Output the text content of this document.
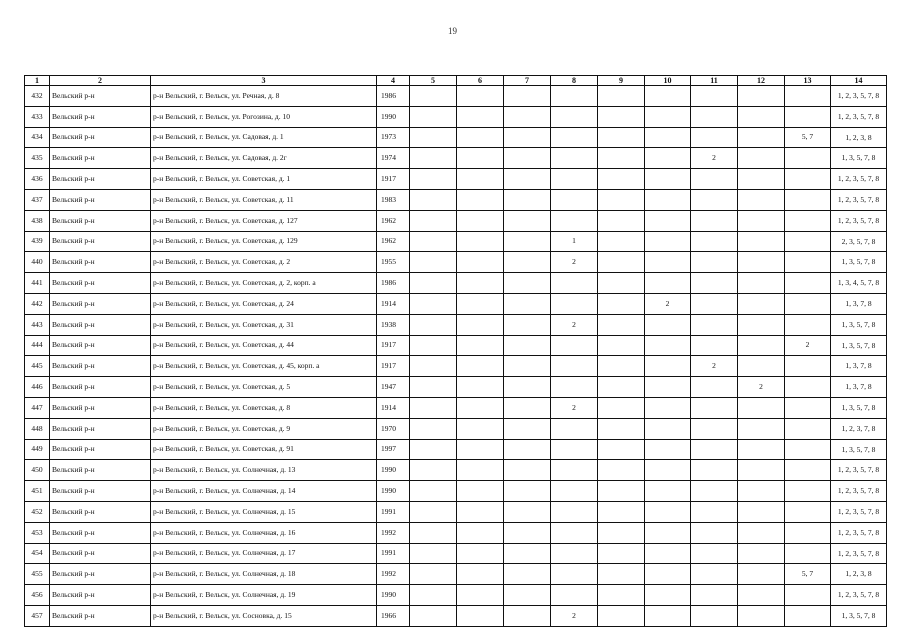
19
1	2	3	4	5	6	7	8	9	10	11	12	13	14
432	Вельский р-н	р-н Вельский, г. Вельск, ул. Речная, д. 8	1986										1, 2, 3, 5, 7, 8
433	Вельский р-н	р-н Вельский, г. Вельск, ул. Рогозина, д. 10	1990										1, 2, 3, 5, 7, 8
434	Вельский р-н	р-н Вельский, г. Вельск, ул. Садовая, д. 1	1973									5, 7	1, 2, 3, 8
435	Вельский р-н	р-н Вельский, г. Вельск, ул. Садовая, д. 2г	1974							2			1, 3, 5, 7, 8
436	Вельский р-н	р-н Вельский, г. Вельск, ул. Советская, д. 1	1917										1, 2, 3, 5, 7, 8
437	Вельский р-н	р-н Вельский, г. Вельск, ул. Советская, д. 11	1983										1, 2, 3, 5, 7, 8
438	Вельский р-н	р-н Вельский, г. Вельск, ул. Советская, д. 127	1962										1, 2, 3, 5, 7, 8
439	Вельский р-н	р-н Вельский, г. Вельск, ул. Советская, д. 129	1962				1						2, 3, 5, 7, 8
440	Вельский р-н	р-н Вельский, г. Вельск, ул. Советская, д. 2	1955				2						1, 3, 5, 7, 8
441	Вельский р-н	р-н Вельский, г. Вельск, ул. Советская, д. 2, корп. а	1986										1, 3, 4, 5, 7, 8
442	Вельский р-н	р-н Вельский, г. Вельск, ул. Советская, д. 24	1914						2				1, 3, 7, 8
443	Вельский р-н	р-н Вельский, г. Вельск, ул. Советская, д. 31	1938				2						1, 3, 5, 7, 8
444	Вельский р-н	р-н Вельский, г. Вельск, ул. Советская, д. 44	1917									2	1, 3, 5, 7, 8
445	Вельский р-н	р-н Вельский, г. Вельск, ул. Советская, д. 45, корп. а	1917							2			1, 3, 7, 8
446	Вельский р-н	р-н Вельский, г. Вельск, ул. Советская, д. 5	1947								2		1, 3, 7, 8
447	Вельский р-н	р-н Вельский, г. Вельск, ул. Советская, д. 8	1914				2						1, 3, 5, 7, 8
448	Вельский р-н	р-н Вельский, г. Вельск, ул. Советская, д. 9	1970										1, 2, 3, 7, 8
449	Вельский р-н	р-н Вельский, г. Вельск, ул. Советская, д. 91	1997										1, 3, 5, 7, 8
450	Вельский р-н	р-н Вельский, г. Вельск, ул. Солнечная, д. 13	1990										1, 2, 3, 5, 7, 8
451	Вельский р-н	р-н Вельский, г. Вельск, ул. Солнечная, д. 14	1990										1, 2, 3, 5, 7, 8
452	Вельский р-н	р-н Вельский, г. Вельск, ул. Солнечная, д. 15	1991										1, 2, 3, 5, 7, 8
453	Вельский р-н	р-н Вельский, г. Вельск, ул. Солнечная, д. 16	1992										1, 2, 3, 5, 7, 8
454	Вельский р-н	р-н Вельский, г. Вельск, ул. Солнечная, д. 17	1991										1, 2, 3, 5, 7, 8
455	Вельский р-н	р-н Вельский, г. Вельск, ул. Солнечная, д. 18	1992									5, 7	1, 2, 3, 8
456	Вельский р-н	р-н Вельский, г. Вельск, ул. Солнечная, д. 19	1990										1, 2, 3, 5, 7, 8
457	Вельский р-н	р-н Вельский, г. Вельск, ул. Сосновка, д. 15	1966				2						1, 3, 5, 7, 8
